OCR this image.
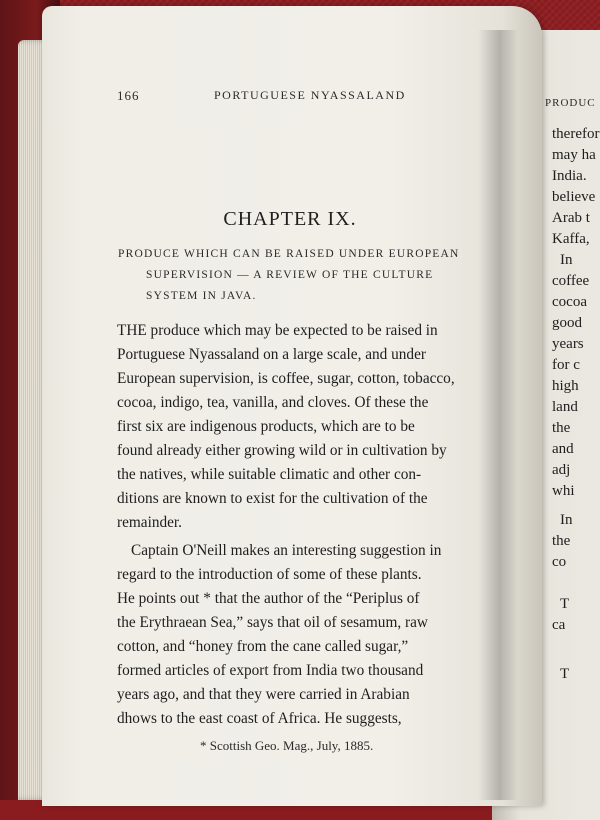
166	PORTUGUESE NYASSALAND
CHAPTER IX.
PRODUCE WHICH CAN BE RAISED UNDER EUROPEAN
SUPERVISION — A REVIEW OF THE CULTURE
SYSTEM IN JAVA.
THE produce which may be expected to be raised in
Portuguese Nyassaland on a large scale, and under
European supervision, is coffee, sugar, cotton, tobacco,
cocoa, indigo, tea, vanilla, and cloves. Of these the
first six are indigenous products, which are to be
found already either growing wild or in cultivation by
the natives, while suitable climatic and other con-
ditions are known to exist for the cultivation of the
remainder.
Captain O'Neill makes an interesting suggestion in
regard to the introduction of some of these plants.
He points out * that the author of the “Periplus of
the Erythraean Sea,” says that oil of sesamum, raw
cotton, and “honey from the cane called sugar,”
formed articles of export from India two thousand
years ago, and that they were carried in Arabian
dhows to the east coast of Africa. He suggests,
* Scottish Geo. Mag., July, 1885.
PRODUC
therefor
may ha
India.
believe
Arab t
Kaffa,
In
coffee
cocoa
good
years
for c
high
land
the
and
adj
whi
In
the
co
T
ca
T
